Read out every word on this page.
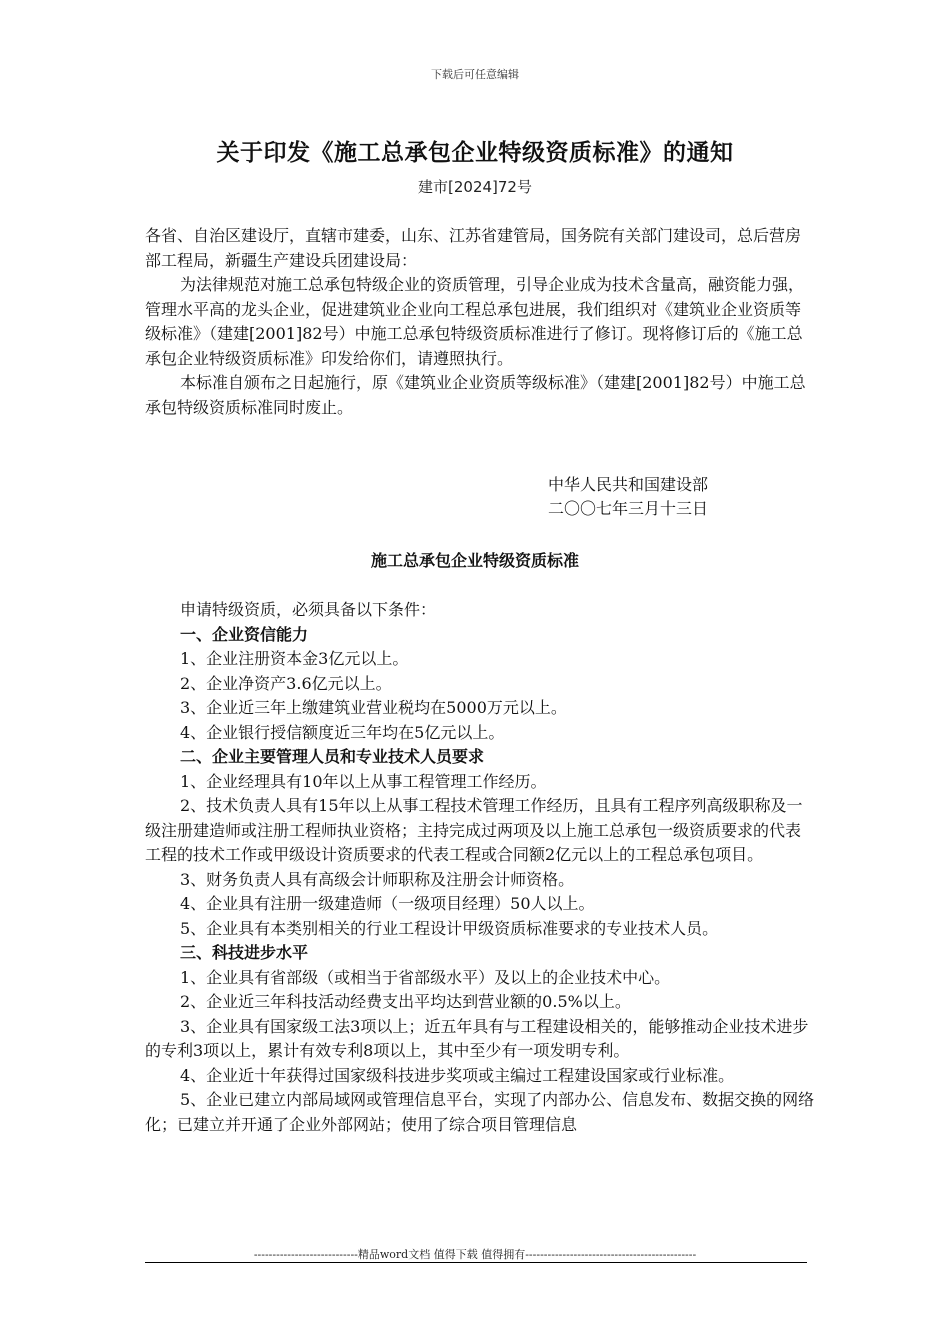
下载后可任意编辑
关于印发《施工总承包企业特级资质标准》的通知
建市[2024]72号

各省、自治区建设厅，直辖市建委，山东、江苏省建管局，国务院有关部门建设司，总后营房部工程局，新疆生产建设兵团建设局：

为法律规范对施工总承包特级企业的资质管理，引导企业成为技术含量高，融资能力强，管理水平高的龙头企业，促进建筑业企业向工程总承包进展，我们组织对《建筑业企业资质等级标准》（建建[2001]82号）中施工总承包特级资质标准进行了修订。现将修订后的《施工总承包企业特级资质标准》印发给你们，请遵照执行。

本标准自颁布之日起施行，原《建筑业企业资质等级标准》（建建[2001]82号）中施工总承包特级资质标准同时废止。

中华人民共和国建设部
二〇〇七年三月十三日
施工总承包企业特级资质标准

申请特级资质，必须具备以下条件：

一、企业资信能力

1、企业注册资本金3亿元以上。

2、企业净资产3.6亿元以上。

3、企业近三年上缴建筑业营业税均在5000万元以上。

4、企业银行授信额度近三年均在5亿元以上。

二、企业主要管理人员和专业技术人员要求

1、企业经理具有10年以上从事工程管理工作经历。

2、技术负责人具有15年以上从事工程技术管理工作经历，且具有工程序列高级职称及一级注册建造师或注册工程师执业资格；主持完成过两项及以上施工总承包一级资质要求的代表工程的技术工作或甲级设计资质要求的代表工程或合同额2亿元以上的工程总承包项目。

3、财务负责人具有高级会计师职称及注册会计师资格。

4、企业具有注册一级建造师（一级项目经理）50人以上。

5、企业具有本类别相关的行业工程设计甲级资质标准要求的专业技术人员。

三、科技进步水平

1、企业具有省部级（或相当于省部级水平）及以上的企业技术中心。

2、企业近三年科技活动经费支出平均达到营业额的0.5%以上。

3、企业具有国家级工法3项以上；近五年具有与工程建设相关的，能够推动企业技术进步的专利3项以上，累计有效专利8项以上，其中至少有一项发明专利。

4、企业近十年获得过国家级科技进步奖项或主编过工程建设国家或行业标准。

5、企业已建立内部局域网或管理信息平台，实现了内部办公、信息发布、数据交换的网络化；已建立并开通了企业外部网站；使用了综合项目管理信息

----------------------------精品word文档 值得下载 值得拥有----------------------------------------------
